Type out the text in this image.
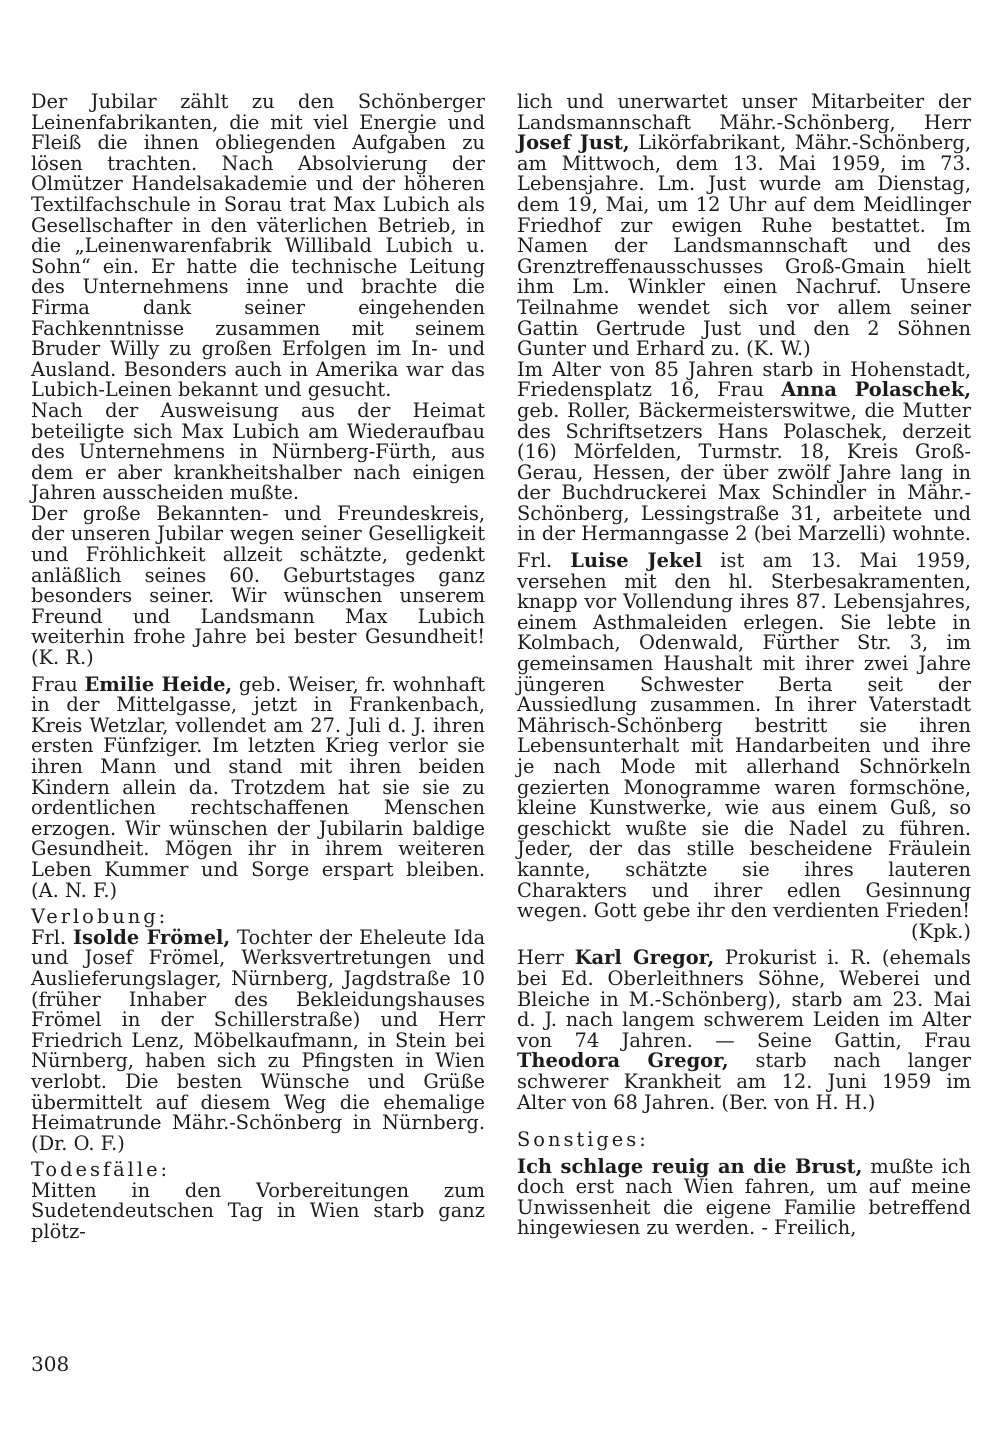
Der Jubilar zählt zu den Schönberger Leinenfabrikanten, die mit viel Energie und Fleiß die ihnen obliegenden Aufgaben zu lösen trachten. Nach Absolvierung der Olmützer Handelsakademie und der höheren Textilfachschule in Sorau trat Max Lubich als Gesellschafter in den väterlichen Betrieb, in die „Leinenwarenfabrik Willibald Lubich u. Sohn“ ein. Er hatte die technische Leitung des Unternehmens inne und brachte die Firma dank seiner eingehenden Fachkenntnisse zusammen mit seinem Bruder Willy zu großen Erfolgen im In- und Ausland. Besonders auch in Amerika war das Lubich-Leinen bekannt und gesucht.

Nach der Ausweisung aus der Heimat beteiligte sich Max Lubich am Wiederaufbau des Unternehmens in Nürnberg-Fürth, aus dem er aber krankheitshalber nach einigen Jahren ausscheiden mußte.

Der große Bekannten- und Freundeskreis, der unseren Jubilar wegen seiner Geselligkeit und Fröhlichkeit allzeit schätzte, gedenkt anläßlich seines 60. Geburtstages ganz besonders seiner. Wir wünschen unserem Freund und Landsmann Max Lubich weiterhin frohe Jahre bei bester Gesundheit! (K. R.)

Frau Emilie Heide, geb. Weiser, fr. wohnhaft in der Mittelgasse, jetzt in Frankenbach, Kreis Wetzlar, vollendet am 27. Juli d. J. ihren ersten Fünfziger. Im letzten Krieg verlor sie ihren Mann und stand mit ihren beiden Kindern allein da. Trotzdem hat sie sie zu ordentlichen rechtschaffenen Menschen erzogen. Wir wünschen der Jubilarin baldige Gesundheit. Mögen ihr in ihrem weiteren Leben Kummer und Sorge erspart bleiben. (A. N. F.)

Verlobung:

Frl. Isolde Frömel, Tochter der Eheleute Ida und Josef Frömel, Werksvertretungen und Auslieferungslager, Nürnberg, Jagdstraße 10 (früher Inhaber des Bekleidungshauses Frömel in der Schillerstraße) und Herr Friedrich Lenz, Möbelkaufmann, in Stein bei Nürnberg, haben sich zu Pfingsten in Wien verlobt. Die besten Wünsche und Grüße übermittelt auf diesem Weg die ehemalige Heimatrunde Mähr.-Schönberg in Nürnberg. (Dr. O. F.)

Todesfälle:

Mitten in den Vorbereitungen zum Sudetendeutschen Tag in Wien starb ganz plötz-

lich und unerwartet unser Mitarbeiter der Landsmannschaft Mähr.-Schönberg, Herr Josef Just, Likörfabrikant, Mähr.-Schönberg, am Mittwoch, dem 13. Mai 1959, im 73. Lebensjahre. Lm. Just wurde am Dienstag, dem 19, Mai, um 12 Uhr auf dem Meidlinger Friedhof zur ewigen Ruhe bestattet. Im Namen der Landsmannschaft und des Grenztreffenausschusses Groß-Gmain hielt ihm Lm. Winkler einen Nachruf. Unsere Teilnahme wendet sich vor allem seiner Gattin Gertrude Just und den 2 Söhnen Gunter und Erhard zu. (K. W.)

Im Alter von 85 Jahren starb in Hohenstadt, Friedensplatz 16, Frau Anna Polaschek, geb. Roller, Bäckermeisterswitwe, die Mutter des Schriftsetzers Hans Polaschek, derzeit (16) Mörfelden, Turmstr. 18, Kreis Groß-Gerau, Hessen, der über zwölf Jahre lang in der Buchdruckerei Max Schindler in Mähr.-Schönberg, Lessingstraße 31, arbeitete und in der Hermanngasse 2 (bei Marzelli) wohnte.

Frl. Luise Jekel ist am 13. Mai 1959, versehen mit den hl. Sterbesakramenten, knapp vor Vollendung ihres 87. Lebensjahres, einem Asthmaleiden erlegen. Sie lebte in Kolmbach, Odenwald, Fürther Str. 3, im gemeinsamen Haushalt mit ihrer zwei Jahre jüngeren Schwester Berta seit der Aussiedlung zusammen. In ihrer Vaterstadt Mährisch-Schönberg bestritt sie ihren Lebensunterhalt mit Handarbeiten und ihre je nach Mode mit allerhand Schnörkeln gezierten Monogramme waren formschöne, kleine Kunstwerke, wie aus einem Guß, so geschickt wußte sie die Nadel zu führen. Jeder, der das stille bescheidene Fräulein kannte, schätzte sie ihres lauteren Charakters und ihrer edlen Gesinnung wegen. Gott gebe ihr den verdienten Frieden!

(Kpk.)

Herr Karl Gregor, Prokurist i. R. (ehemals bei Ed. Oberleithners Söhne, Weberei und Bleiche in M.-Schönberg), starb am 23. Mai d. J. nach langem schwerem Leiden im Alter von 74 Jahren. — Seine Gattin, Frau Theodora Gregor, starb nach langer schwerer Krankheit am 12. Juni 1959 im Alter von 68 Jahren. (Ber. von H. H.)

Sonstiges:

Ich schlage reuig an die Brust, mußte ich doch erst nach Wien fahren, um auf meine Unwissenheit die eigene Familie betreffend hingewiesen zu werden. - Freilich,

308
